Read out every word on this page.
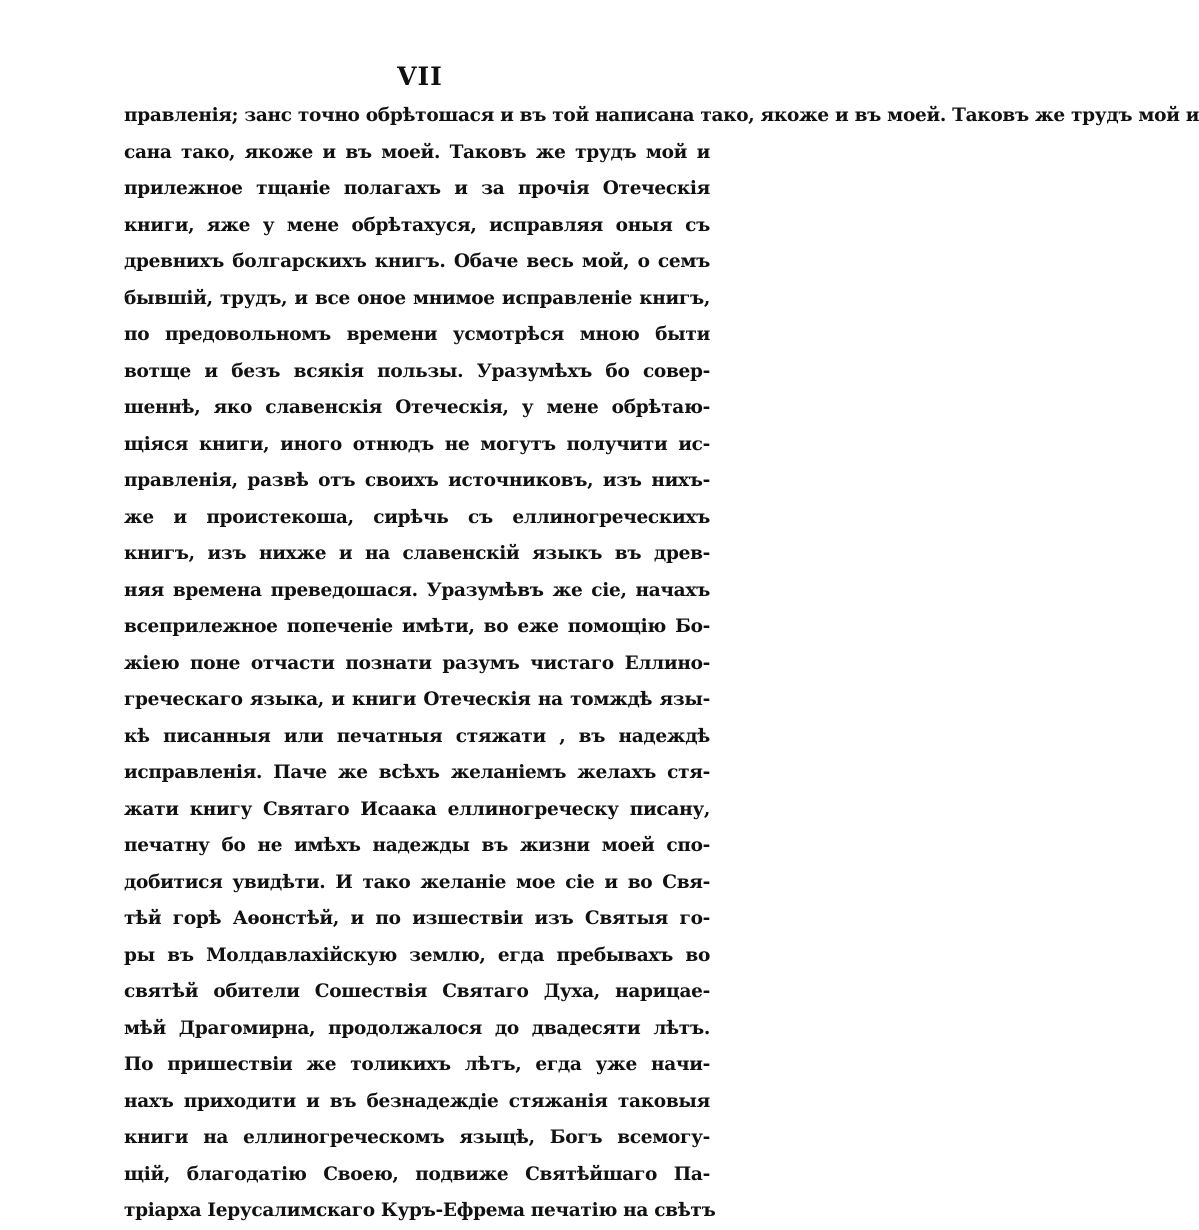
VII
правленія; занс точно обрѣтошася и въ той написана тако, якоже и въ моей. Таковъ же трудъ мой и
сана тако, якоже и въ моей. Таковъ же трудъ мой и
прилежное тщаніе полагахъ и за прочія Отеческія
книги, яже у мене обрѣтахуся, исправляя оныя съ
древнихъ болгарскихъ книгъ. Обаче весь мой, о семъ
бывшій, трудъ, и все оное мнимое исправленіе книгъ,
по предовольномъ времени усмотрѣся мною быти
вотще и безъ всякія пользы. Уразумѣхъ бо совер-
шеннѣ, яко славенскія Отеческія, у мене обрѣтаю-
щіяся книги, иного отнюдъ не могутъ получити ис-
правленія, развѣ отъ своихъ источниковъ, изъ нихъ-
же и проистекоша, сирѣчь съ еллиногреческихъ
книгъ, изъ нихже и на славенскій языкъ въ древ-
няя времена преведошася. Уразумѣвъ же сіе, начахъ
всеприлежное попеченіе имѣти, во еже помощію Бо-
жіею поне отчасти познати разумъ чистаго Еллино-
греческаго языка, и книги Отеческія на томждѣ язы-
кѣ писанныя или печатныя стяжати , въ надеждѣ
исправленія. Паче же всѣхъ желаніемъ желахъ стя-
жати книгу Святаго Исаака еллиногреческу писану,
печатну бо не имѣхъ надежды въ жизни моей спо-
добитися увидѣти. И тако желаніе мое сіе и во Свя-
тѣй горѣ Аѳонстѣй, и по изшествіи изъ Святыя го-
ры въ Молдавлахійскую землю, егда пребывахъ во
святѣй обители Сошествія Святаго Духа, нарицае-
мѣй Драгомирна, продолжалося до двадесяти лѣтъ.
По пришествіи же толикихъ лѣтъ, егда уже начи-
нахъ приходити и въ безнадеждіе стяжанія таковыя
книги на еллиногреческомъ языцѣ, Богъ всемогу-
щій, благодатію Своею, подвиже Святѣйшаго Па-
тріарха Іерусалимскаго Куръ-Ефрема печатію на свѣтъ
